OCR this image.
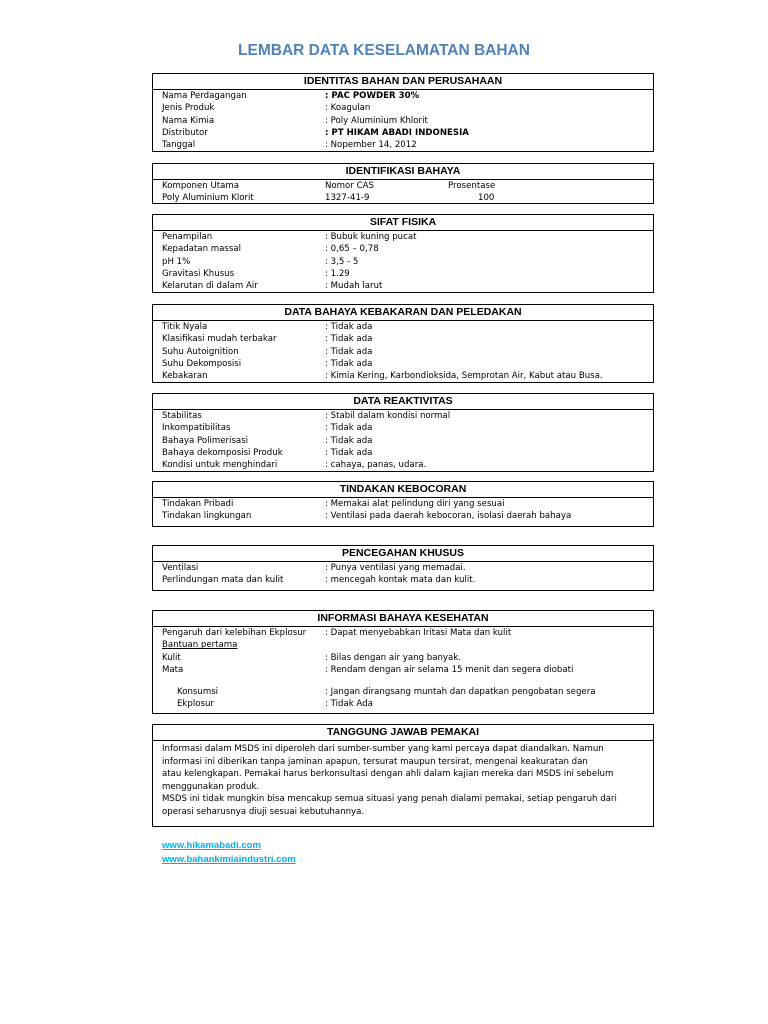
LEMBAR DATA KESELAMATAN BAHAN
IDENTITAS BAHAN DAN PERUSAHAAN
Nama Perdagangan	: PAC POWDER 30%
Jenis Produk	: Koagulan
Nama Kimia	: Poly Aluminium Khlorit
Distributor	: PT HIKAM ABADI INDONESIA
Tanggal	: Nopember 14, 2012
IDENTIFIKASI BAHAYA
Komponen Utama	Nomor CAS	Prosentase
Poly Aluminium Klorit	1327-41-9	100
SIFAT FISIKA
Penampilan	: Bubuk kuning pucat
Kepadatan massal	: 0,65 – 0,78
pH 1%	: 3,5 - 5
Gravitasi Khusus	: 1.29
Kelarutan di dalam Air	: Mudah larut
DATA BAHAYA KEBAKARAN DAN PELEDAKAN
Titik Nyala	: Tidak ada
Klasifikasi mudah terbakar	: Tidak ada
Suhu Autoignition	: Tidak ada
Suhu Dekomposisi	: Tidak ada
Kebakaran	: Kimia Kering, Karbondioksida, Semprotan Air, Kabut atau Busa.
DATA REAKTIVITAS
Stabilitas	: Stabil dalam kondisi normal
Inkompatibilitas	: Tidak ada
Bahaya Polimerisasi	: Tidak ada
Bahaya dekomposisi Produk	: Tidak ada
Kondisi untuk menghindari	: cahaya, panas, udara.
TINDAKAN KEBOCORAN
Tindakan Pribadi	: Memakai alat pelindung diri yang sesuai
Tindakan lingkungan	: Ventilasi pada daerah kebocoran, isolasi daerah bahaya
PENCEGAHAN KHUSUS
Ventilasi	: Punya ventilasi yang memadai.
Perlindungan mata dan kulit	: mencegah kontak mata dan kulit.
INFORMASI BAHAYA KESEHATAN
Pengaruh dari kelebihan Ekplosur : Dapat menyebabkan Iritasi Mata dan kulit
Bantuan pertama
Kulit	: Bilas dengan air yang banyak.
Mata	: Rendam dengan air selama 15 menit dan segera diobati
Konsumsi	: Jangan dirangsang muntah dan dapatkan pengobatan segera
Ekplosur	: Tidak Ada
TANGGUNG JAWAB PEMAKAI
Informasi dalam MSDS ini diperoleh dari sumber-sumber yang kami percaya dapat diandalkan. Namun
informasi ini diberikan tanpa jaminan apapun, tersurat maupun tersirat, mengenai keakuratan dan
atau kelengkapan. Pemakai harus berkonsultasi dengan ahli dalam kajian mereka dari MSDS ini sebelum
menggunakan produk.
MSDS ini tidak mungkin bisa mencakup semua situasi yang penah dialami pemakai, setiap pengaruh dari
operasi seharusnya diuji sesuai kebutuhannya.
www.hikamabadi.com
www.bahankimiaindustri.com
